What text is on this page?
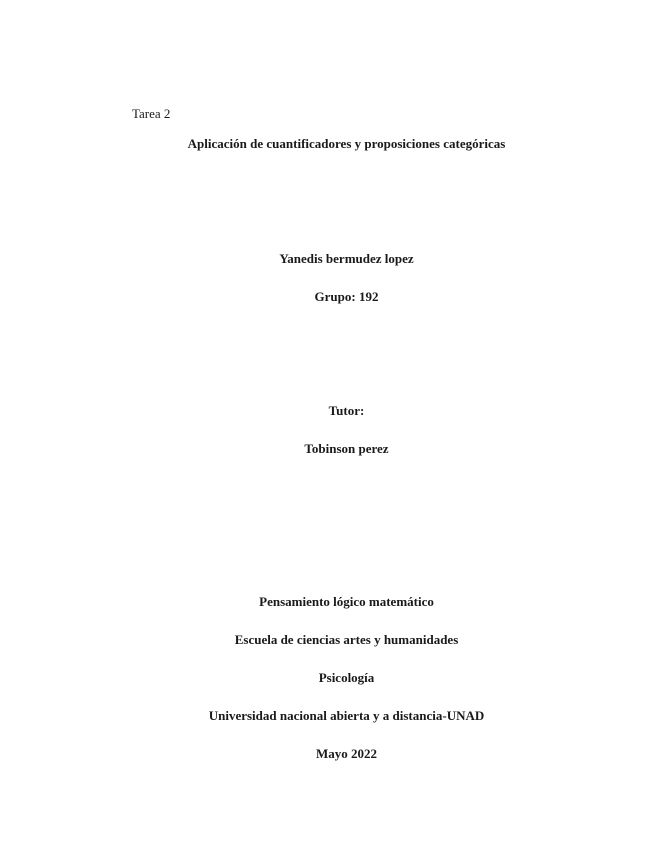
Tarea 2
Aplicación de cuantificadores y proposiciones categóricas
Yanedis bermudez lopez
Grupo: 192
Tutor:
Tobinson perez
Pensamiento lógico matemático
Escuela de ciencias artes y humanidades
Psicología
Universidad nacional abierta y a distancia-UNAD
Mayo 2022
